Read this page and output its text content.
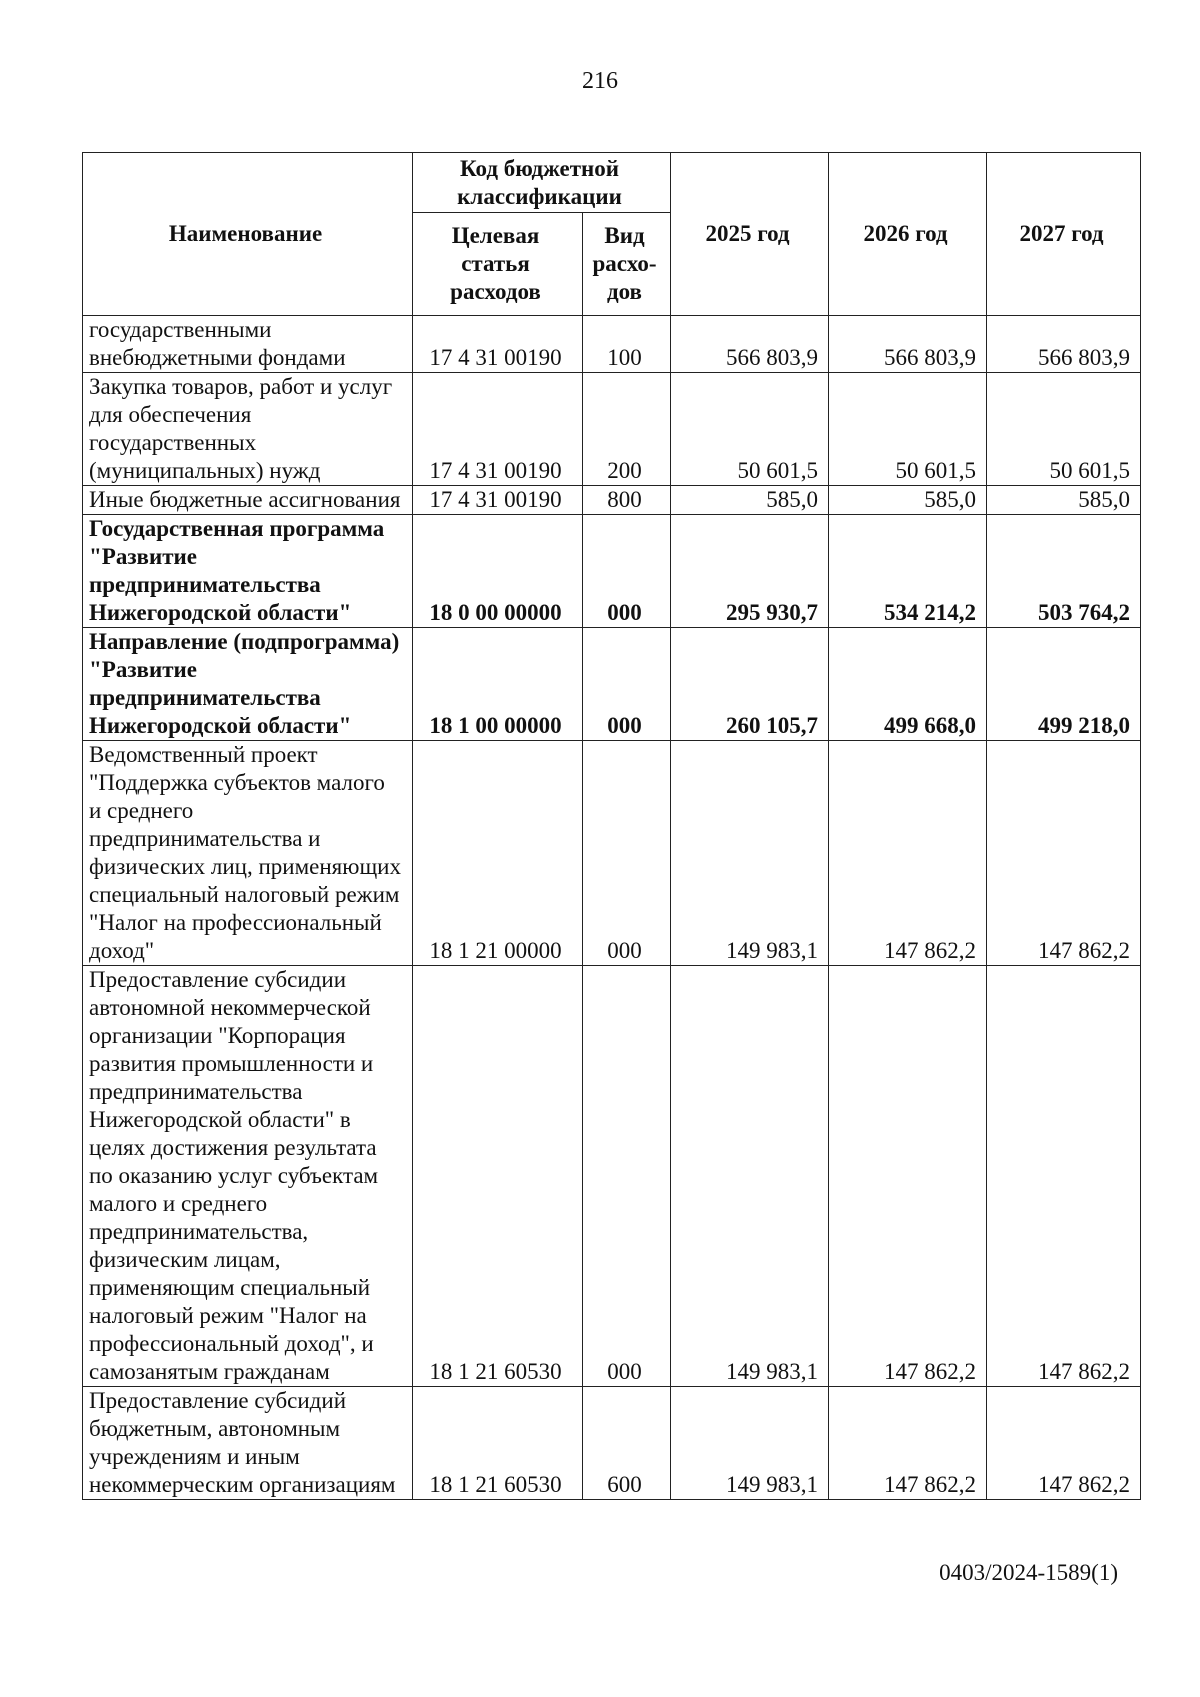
216
Наименование	Код бюджетной классификации		2025 год	2026 год	2027 год
	Целевая статья расходов	Вид расхо-дов			
государственными внебюджетными фондами	17 4 31 00190	100	566 803,9	566 803,9	566 803,9
Закупка товаров, работ и услуг для обеспечения государственных (муниципальных) нужд	17 4 31 00190	200	50 601,5	50 601,5	50 601,5
Иные бюджетные ассигнования	17 4 31 00190	800	585,0	585,0	585,0
Государственная программа "Развитие предпринимательства Нижегородской области"	18 0 00 00000	000	295 930,7	534 214,2	503 764,2
Направление (подпрограмма) "Развитие предпринимательства Нижегородской области"	18 1 00 00000	000	260 105,7	499 668,0	499 218,0
Ведомственный проект "Поддержка субъектов малого и среднего предпринимательства и физических лиц, применяющих специальный налоговый режим "Налог на профессиональный доход"	18 1 21 00000	000	149 983,1	147 862,2	147 862,2
Предоставление субсидии автономной некоммерческой организации "Корпорация развития промышленности и предпринимательства Нижегородской области" в целях достижения результата по оказанию услуг субъектам малого и среднего предпринимательства, физическим лицам, применяющим специальный налоговый режим "Налог на профессиональный доход", и самозанятым гражданам	18 1 21 60530	000	149 983,1	147 862,2	147 862,2
Предоставление субсидий бюджетным, автономным учреждениям и иным некоммерческим организациям	18 1 21 60530	600	149 983,1	147 862,2	147 862,2
0403/2024-1589(1)
